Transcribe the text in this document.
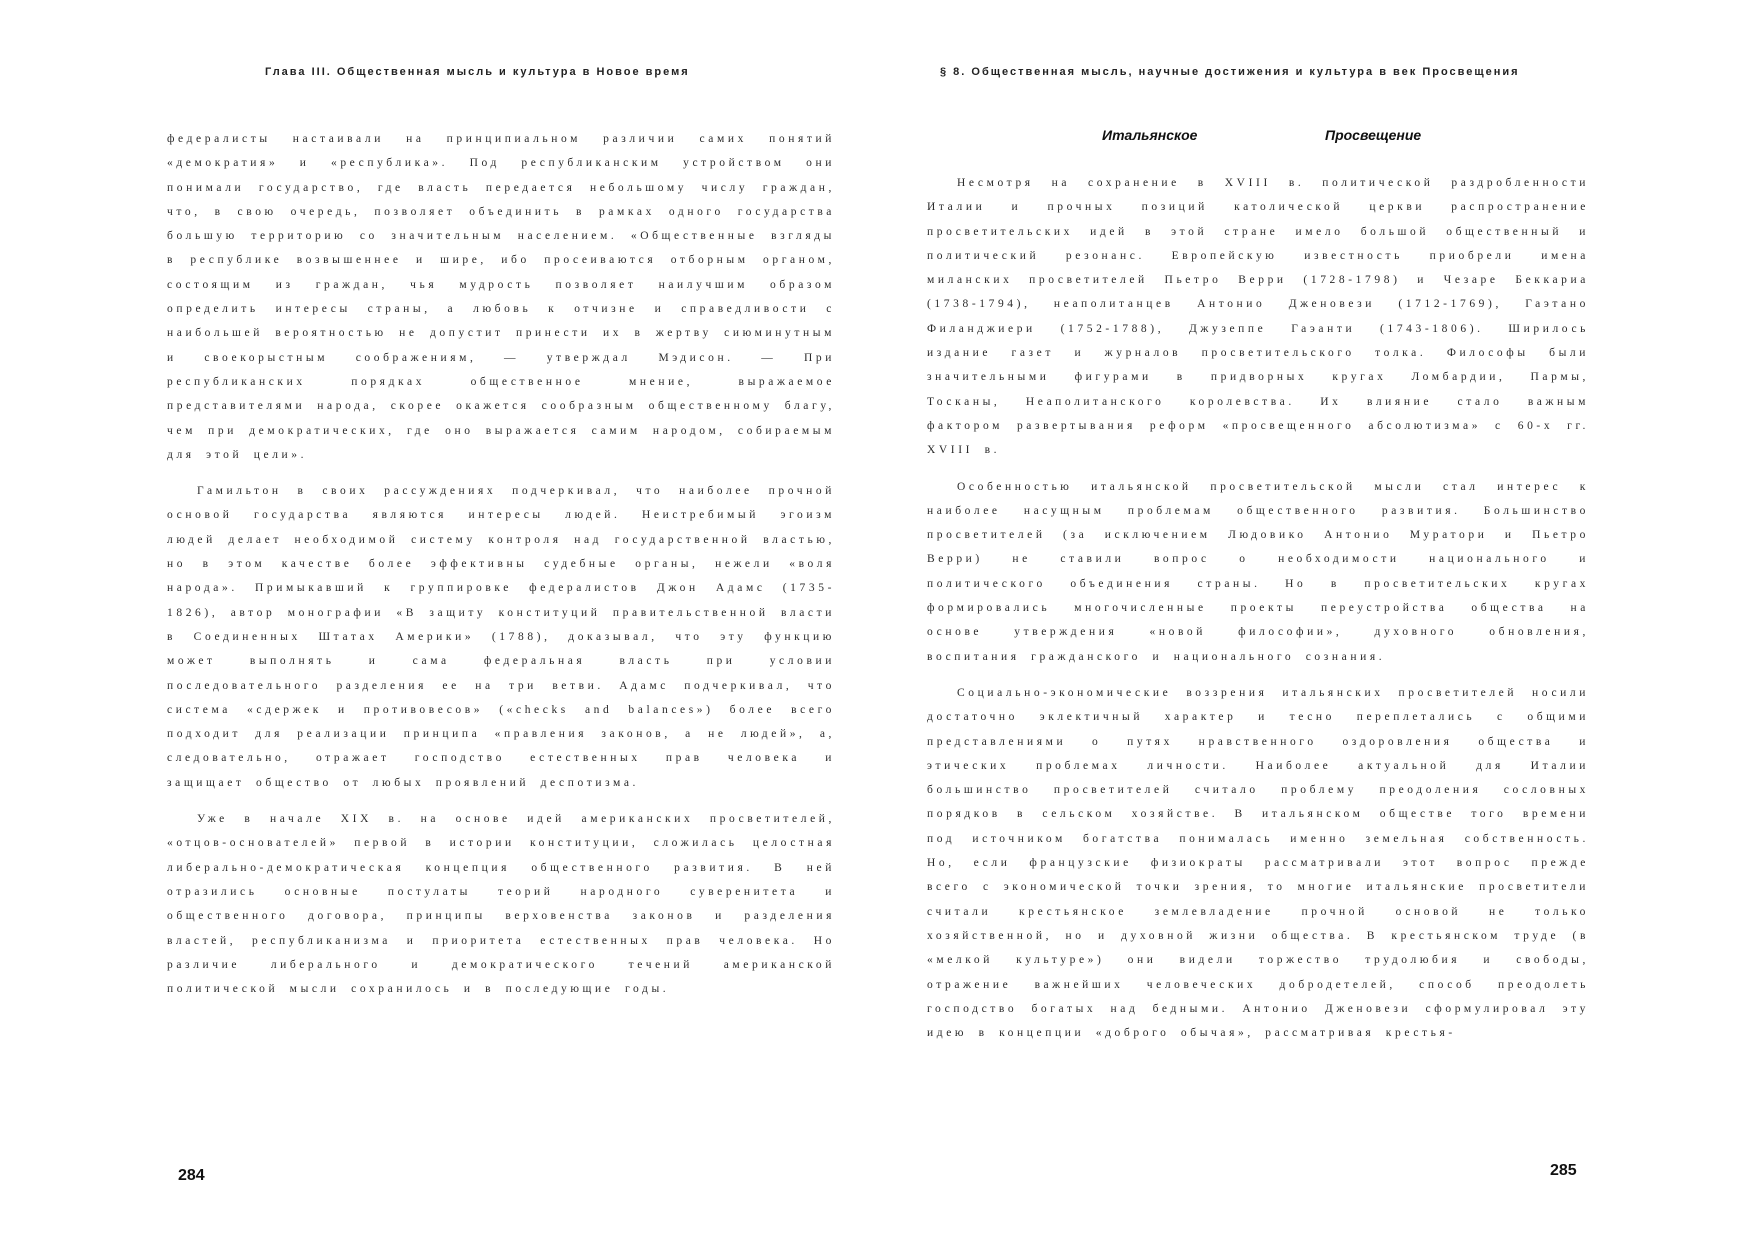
Глава III. Общественная мысль и культура в Новое время

федералисты настаивали на принципиальном различии самих понятий «демократия» и «республика». Под республиканским устройством они понимали государство, где власть передается небольшому числу граждан, что, в свою очередь, позволяет объединить в рамках одного государства большую территорию со значительным населением. «Общественные взгляды в республике возвышеннее и шире, ибо просеиваются отборным органом, состоящим из граждан, чья мудрость позволяет наилучшим образом определить интересы страны, а любовь к отчизне и справедливости с наибольшей вероятностью не допустит принести их в жертву сиюминутным и своекорыстным соображениям, — утверждал Мэдисон. — При республиканских порядках общественное мнение, выражаемое представителями народа, скорее окажется сообразным общественному благу, чем при демократических, где оно выражается самим народом, собираемым для этой цели».

Гамильтон в своих рассуждениях подчеркивал, что наиболее прочной основой государства являются интересы людей. Неистребимый эгоизм людей делает необходимой систему контроля над государственной властью, но в этом качестве более эффективны судебные органы, нежели «воля народа». Примыкавший к группировке федералистов Джон Адамс (1735-1826), автор монографии «В защиту конституций правительственной власти в Соединенных Штатах Америки» (1788), доказывал, что эту функцию может выполнять и сама федеральная власть при условии последовательного разделения ее на три ветви. Адамс подчеркивал, что система «сдержек и противовесов» («checks and balances») более всего подходит для реализации принципа «правления законов, а не людей», а, следовательно, отражает господство естественных прав человека и защищает общество от любых проявлений деспотизма.

Уже в начале XIX в. на основе идей американских просветителей, «отцов-основателей» первой в истории конституции, сложилась целостная либерально-демократическая концепция общественного развития. В ней отразились основные постулаты теорий народного суверенитета и общественного договора, принципы верховенства законов и разделения властей, республиканизма и приоритета естественных прав человека. Но различие либерального и демократического течений американской политической мысли сохранилось и в последующие годы.

284
§ 8. Общественная мысль, научные достижения и культура в век Просвещения
Итальянское	Просвещение

Несмотря на сохранение в XVIII в. политической раздробленности Италии и прочных позиций католической церкви распространение просветительских идей в этой стране имело большой общественный и политический резонанс. Европейскую известность приобрели имена миланских просветителей Пьетро Верри (1728-1798) и Чезаре Беккариа (1738-1794), неаполитанцев Антонио Дженовези (1712-1769), Гаэтано Филанджиери (1752-1788), Джузеппе Гаэанти (1743-1806). Ширилось издание газет и журналов просветительского толка. Философы были значительными фигурами в придворных кругах Ломбардии, Пармы, Тосканы, Неаполитанского королевства. Их влияние стало важным фактором развертывания реформ «просвещенного абсолютизма» с 60-х гг. XVIII в.

Особенностью итальянской просветительской мысли стал интерес к наиболее насущным проблемам общественного развития. Большинство просветителей (за исключением Людовико Антонио Муратори и Пьетро Верри) не ставили вопрос о необходимости национального и политического объединения страны. Но в просветительских кругах формировались многочисленные проекты переустройства общества на основе утверждения «новой философии», духовного обновления, воспитания гражданского и национального сознания.

Социально-экономические воззрения итальянских просветителей носили достаточно эклектичный характер и тесно переплетались с общими представлениями о путях нравственного оздоровления общества и этических проблемах личности. Наиболее актуальной для Италии большинство просветителей считало проблему преодоления сословных порядков в сельском хозяйстве. В итальянском обществе того времени под источником богатства понималась именно земельная собственность. Но, если французские физиократы рассматривали этот вопрос прежде всего с экономической точки зрения, то многие итальянские просветители считали крестьянское землевладение прочной основой не только хозяйственной, но и духовной жизни общества. В крестьянском труде (в «мелкой культуре») они видели торжество трудолюбия и свободы, отражение важнейших человеческих добродетелей, способ преодолеть господство богатых над бедными. Антонио Дженовези сформулировал эту идею в концепции «доброго обычая», рассматривая крестья-

285
